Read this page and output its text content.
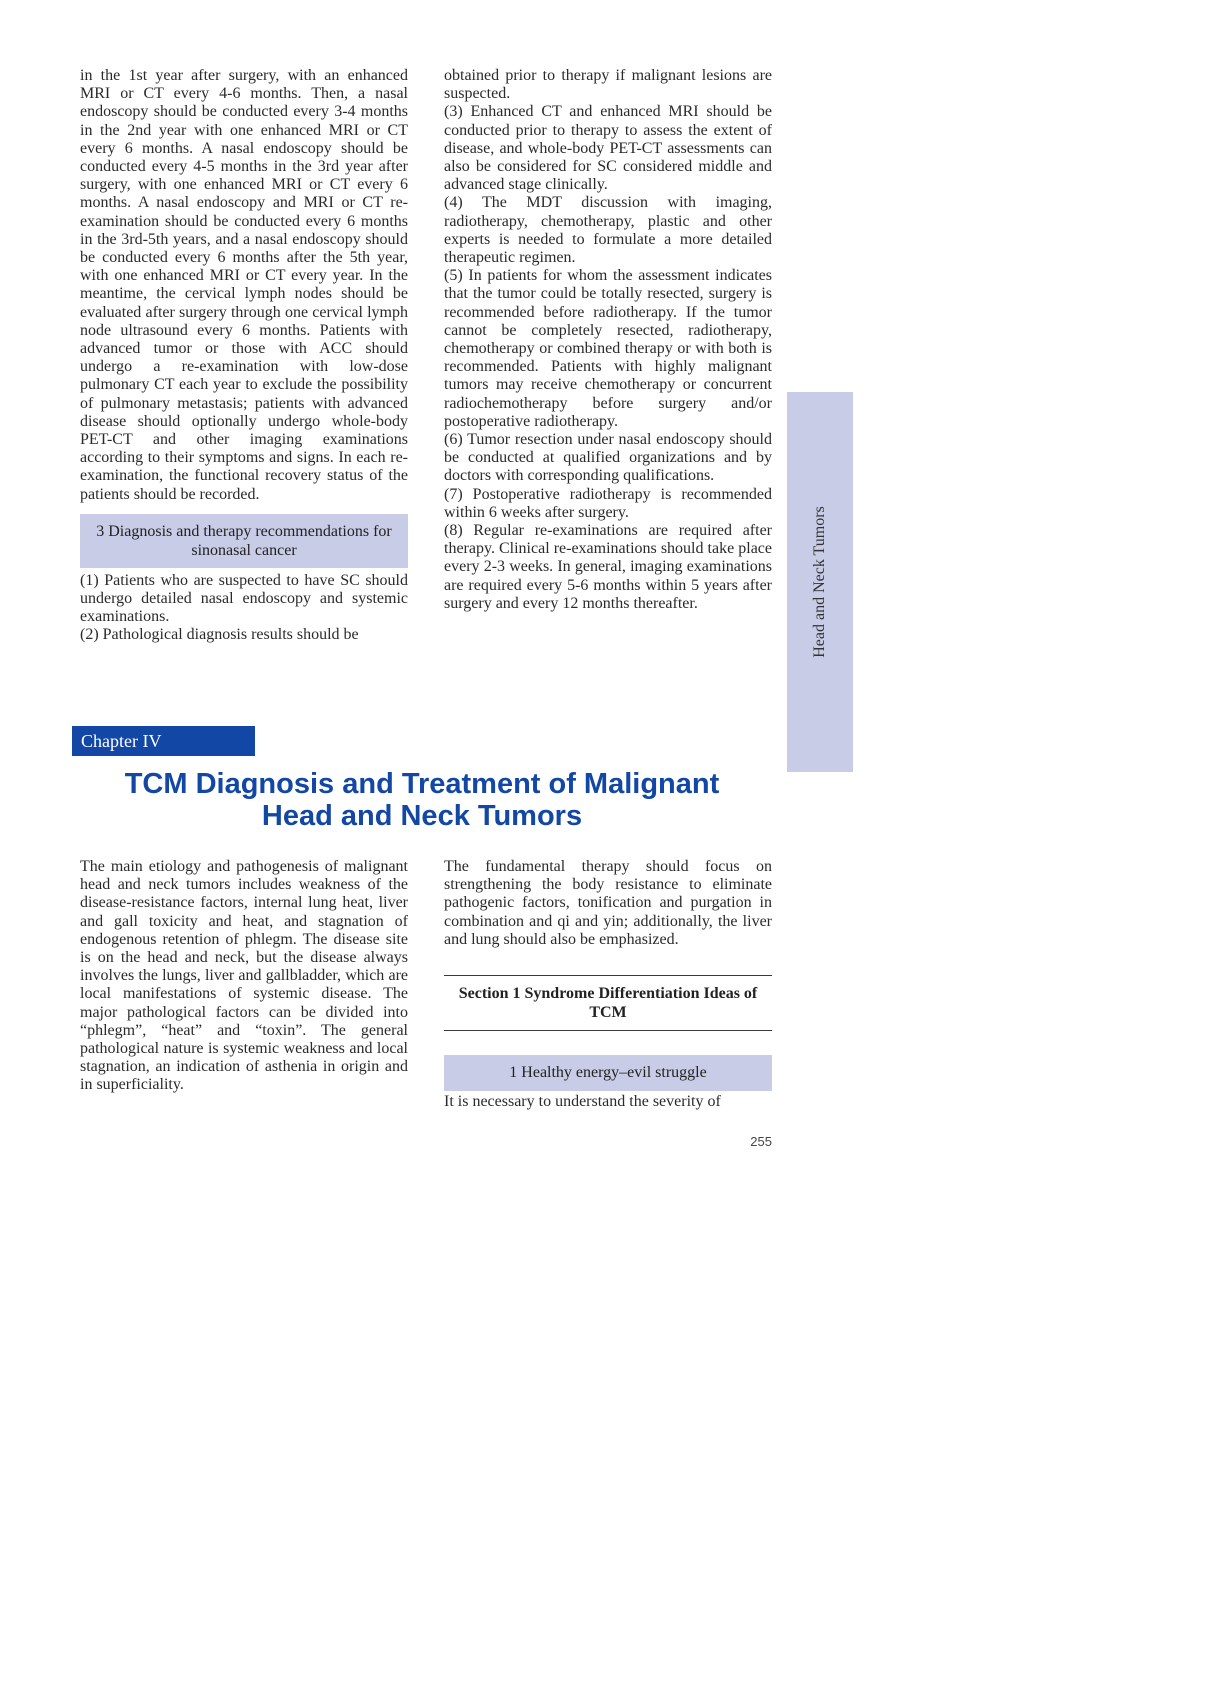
in the 1st year after surgery, with an enhanced MRI or CT every 4-6 months. Then, a nasal endoscopy should be conducted every 3-4 months in the 2nd year with one enhanced MRI or CT every 6 months. A nasal endoscopy should be conducted every 4-5 months in the 3rd year after surgery, with one enhanced MRI or CT every 6 months. A nasal endoscopy and MRI or CT re-examination should be conducted every 6 months in the 3rd-5th years, and a nasal endoscopy should be conducted every 6 months after the 5th year, with one enhanced MRI or CT every year. In the meantime, the cervical lymph nodes should be evaluated after surgery through one cervical lymph node ultrasound every 6 months. Patients with advanced tumor or those with ACC should undergo a re-examination with low-dose pulmonary CT each year to exclude the possibility of pulmonary metastasis; patients with advanced disease should optionally undergo whole-body PET-CT and other imaging examinations according to their symptoms and signs. In each re-examination, the functional recovery status of the patients should be recorded.

3 Diagnosis and therapy recommendations for sinonasal cancer

(1) Patients who are suspected to have SC should undergo detailed nasal endoscopy and systemic examinations.

(2) Pathological diagnosis results should be

obtained prior to therapy if malignant lesions are suspected.

(3) Enhanced CT and enhanced MRI should be conducted prior to therapy to assess the extent of disease, and whole-body PET-CT assessments can also be considered for SC considered middle and advanced stage clinically.

(4) The MDT discussion with imaging, radiotherapy, chemotherapy, plastic and other experts is needed to formulate a more detailed therapeutic regimen.

(5) In patients for whom the assessment indicates that the tumor could be totally resected, surgery is recommended before radiotherapy. If the tumor cannot be completely resected, radiotherapy, chemotherapy or combined therapy or with both is recommended. Patients with highly malignant tumors may receive chemotherapy or concurrent radiochemotherapy before surgery and/or postoperative radiotherapy.

(6) Tumor resection under nasal endoscopy should be conducted at qualified organizations and by doctors with corresponding qualifications.

(7) Postoperative radiotherapy is recommended within 6 weeks after surgery.

(8) Regular re-examinations are required after therapy. Clinical re-examinations should take place every 2-3 weeks. In general, imaging examinations are required every 5-6 months within 5 years after surgery and every 12 months thereafter.	Head and Neck Tumors
Chapter IV
TCM Diagnosis and Treatment of Malignant
Head and Neck Tumors

The main etiology and pathogenesis of malignant head and neck tumors includes weakness of the disease-resistance factors, internal lung heat, liver and gall toxicity and heat, and stagnation of endogenous retention of phlegm. The disease site is on the head and neck, but the disease always involves the lungs, liver and gallbladder, which are local manifestations of systemic disease. The major pathological factors can be divided into “phlegm”, “heat” and “toxin”. The general pathological nature is systemic weakness and local stagnation, an indication of asthenia in origin and in superficiality.

The fundamental therapy should focus on strengthening the body resistance to eliminate pathogenic factors, tonification and purgation in combination and qi and yin; additionally, the liver and lung should also be emphasized.

Section 1 Syndrome Differentiation Ideas of TCM
1 Healthy energy–evil struggle
It is necessary to understand the severity of
255
